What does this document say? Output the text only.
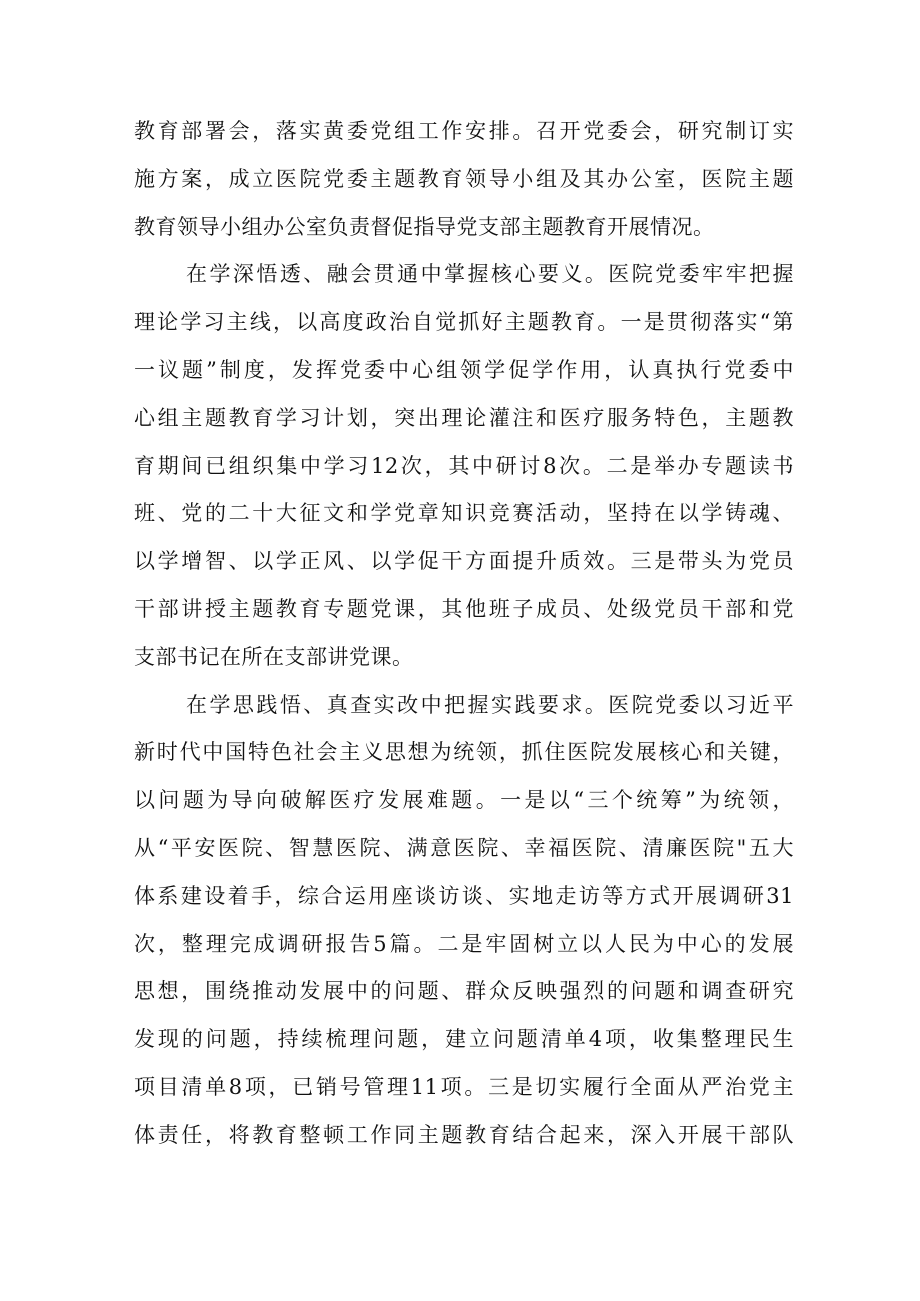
教育部署会，落实黄委党组工作安排。召开党委会，研究制订实
施方案，成立医院党委主题教育领导小组及其办公室，医院主题
教育领导小组办公室负责督促指导党支部主题教育开展情况。
在学深悟透、融会贯通中掌握核心要义。医院党委牢牢把握
理论学习主线，以高度政治自觉抓好主题教育。一是贯彻落实“第
一议题”制度，发挥党委中心组领学促学作用，认真执行党委中
心组主题教育学习计划，突出理论灌注和医疗服务特色，主题教
育期间已组织集中学习12次，其中研讨8次。二是举办专题读书
班、党的二十大征文和学党章知识竞赛活动，坚持在以学铸魂、
以学增智、以学正风、以学促干方面提升质效。三是带头为党员
干部讲授主题教育专题党课，其他班子成员、处级党员干部和党
支部书记在所在支部讲党课。
在学思践悟、真查实改中把握实践要求。医院党委以习近平
新时代中国特色社会主义思想为统领，抓住医院发展核心和关键，
以问题为导向破解医疗发展难题。一是以“三个统筹”为统领，
从“平安医院、智慧医院、满意医院、幸福医院、清廉医院"五大
体系建设着手，综合运用座谈访谈、实地走访等方式开展调研31
次，整理完成调研报告5篇。二是牢固树立以人民为中心的发展
思想，围绕推动发展中的问题、群众反映强烈的问题和调查研究
发现的问题，持续梳理问题，建立问题清单4项，收集整理民生
项目清单8项，已销号管理11项。三是切实履行全面从严治党主
体责任，将教育整顿工作同主题教育结合起来，深入开展干部队
